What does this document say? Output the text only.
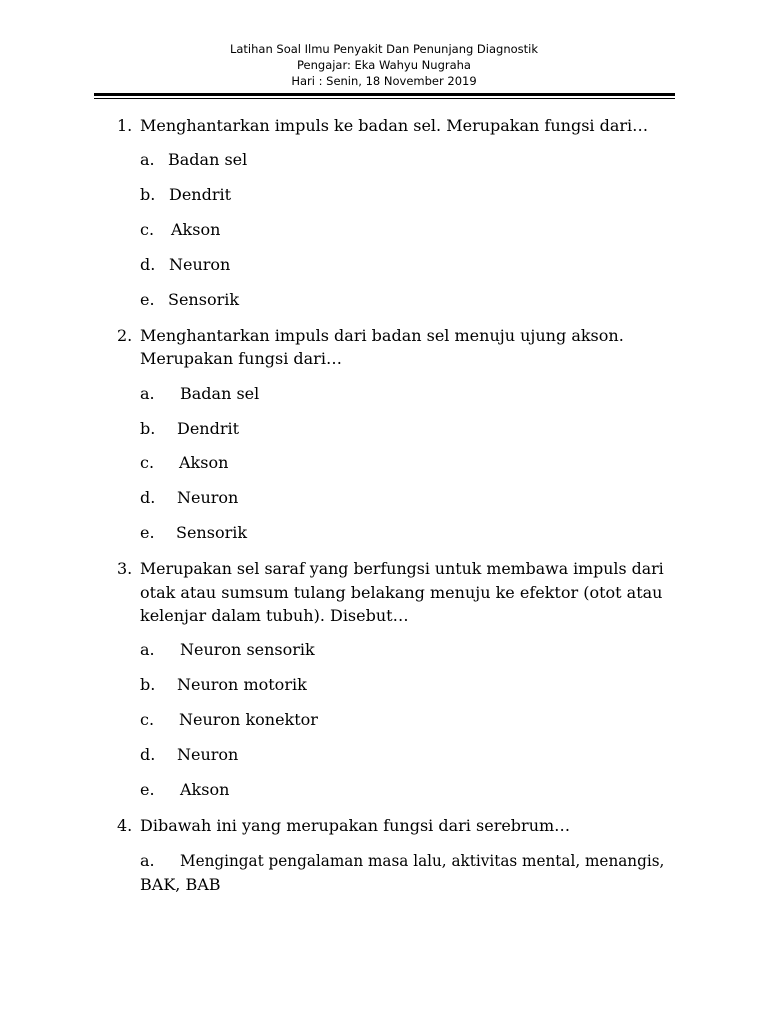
Latihan Soal Ilmu Penyakit Dan Penunjang Diagnostik
Pengajar: Eka Wahyu Nugraha
Hari : Senin, 18 November 2019
1. Menghantarkan impuls ke badan sel. Merupakan fungsi dari…
a. Badan sel
b. Dendrit
c. Akson
d. Neuron
e. Sensorik
2. Menghantarkan impuls dari badan sel menuju ujung akson.
Merupakan fungsi dari…
a. Badan sel
b. Dendrit
c. Akson
d. Neuron
e. Sensorik
3. Merupakan sel saraf yang berfungsi untuk membawa impuls dari
otak atau sumsum tulang belakang menuju ke efektor (otot atau
kelenjar dalam tubuh). Disebut…
a. Neuron sensorik
b. Neuron motorik
c. Neuron konektor
d. Neuron
e. Akson
4. Dibawah ini yang merupakan fungsi dari serebrum…
a. Mengingat pengalaman masa lalu, aktivitas mental, menangis,
BAK, BAB
